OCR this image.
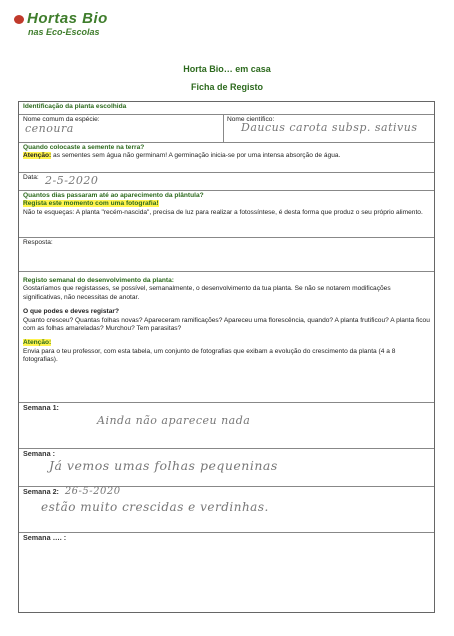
Hortas Bio
nas Eco-Escolas
Horta Bio… em casa
Ficha de Registo
Identificação da planta escolhida
Nome comum da espécie:
cenoura
Nome científico:
Daucus carota subsp. sativus
Quando colocaste a semente na terra?
Atenção: as sementes sem água não germinam! A germinação inicia-se por uma intensa absorção de água.
Data: 2-5-2020
Quantos dias passaram até ao aparecimento da plântula?
Regista este momento com uma fotografia!
Não te esqueças: A planta "recém-nascida", precisa de luz para realizar a fotossíntese, é desta forma que produz o seu próprio alimento.
Resposta:
Registo semanal do desenvolvimento da planta:
Gostaríamos que registasses, se possível, semanalmente, o desenvolvimento da tua planta. Se não se notarem modificações significativas, não necessitas de anotar.
O que podes e deves registar?
Quanto cresceu? Quantas folhas novas? Apareceram ramificações? Apareceu uma florescência, quando? A planta frutificou? A planta ficou com as folhas amareladas? Murchou? Tem parasitas?
Atenção:
Envia para o teu professor, com esta tabela, um conjunto de fotografias que exibam a evolução do crescimento da planta (4 a 8 fotografias).
Semana 1:
Ainda não apareceu nada
Semana :
Já vemos umas folhas pequeninas
Semana 2: 26-5-2020
estão muito crescidas e verdinhas.
Semana …. :
